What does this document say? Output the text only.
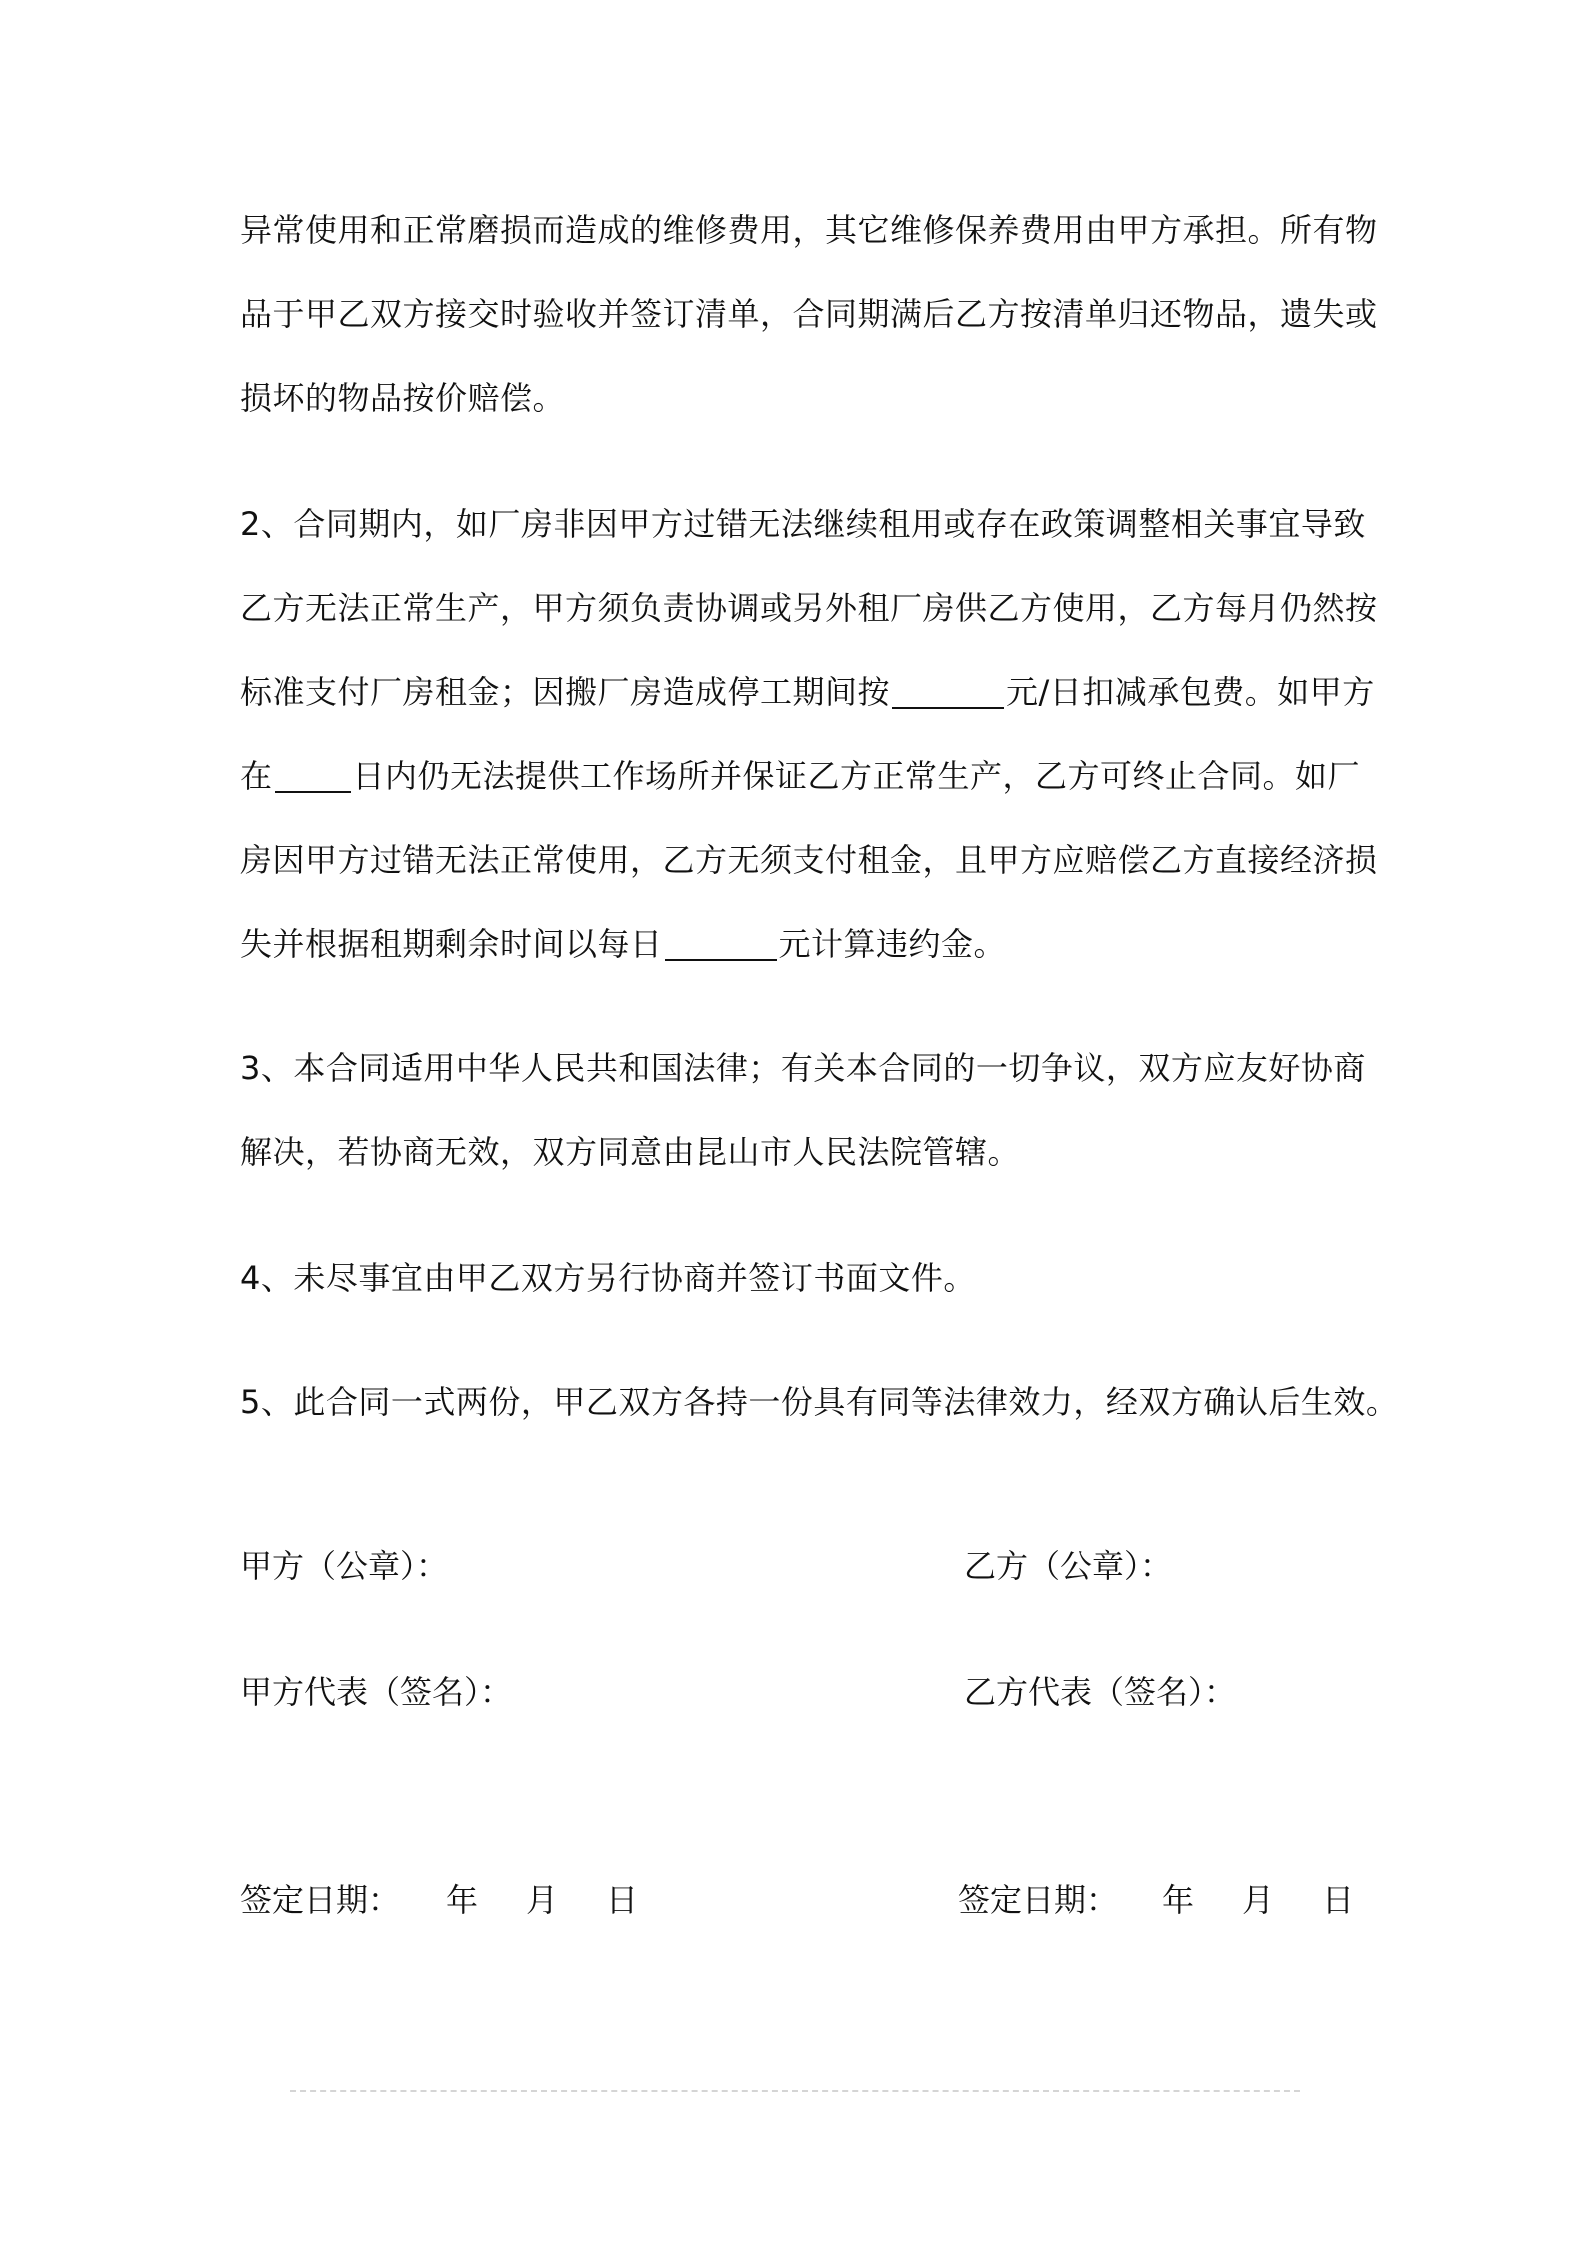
异常使用和正常磨损而造成的维修费用，其它维修保养费用由甲方承担。所有物
品于甲乙双方接交时验收并签订清单，合同期满后乙方按清单归还物品，遗失或
损坏的物品按价赔偿。
2、合同期内，如厂房非因甲方过错无法继续租用或存在政策调整相关事宜导致
乙方无法正常生产，甲方须负责协调或另外租厂房供乙方使用，乙方每月仍然按
标准支付厂房租金；因搬厂房造成停工期间按	元/日扣减承包费。如甲方
在	日内仍无法提供工作场所并保证乙方正常生产，乙方可终止合同。如厂
房因甲方过错无法正常使用，乙方无须支付租金，且甲方应赔偿乙方直接经济损
失并根据租期剩余时间以每日	元计算违约金。
3、本合同适用中华人民共和国法律；有关本合同的一切争议，双方应友好协商
解决，若协商无效，双方同意由昆山市人民法院管辖。
4、未尽事宜由甲乙双方另行协商并签订书面文件。
5、此合同一式两份，甲乙双方各持一份具有同等法律效力，经双方确认后生效。
甲方（公章）：	乙方（公章）：
甲方代表（签名）：	乙方代表（签名）：
签定日期： 年 月 日	签定日期： 年 月 日
